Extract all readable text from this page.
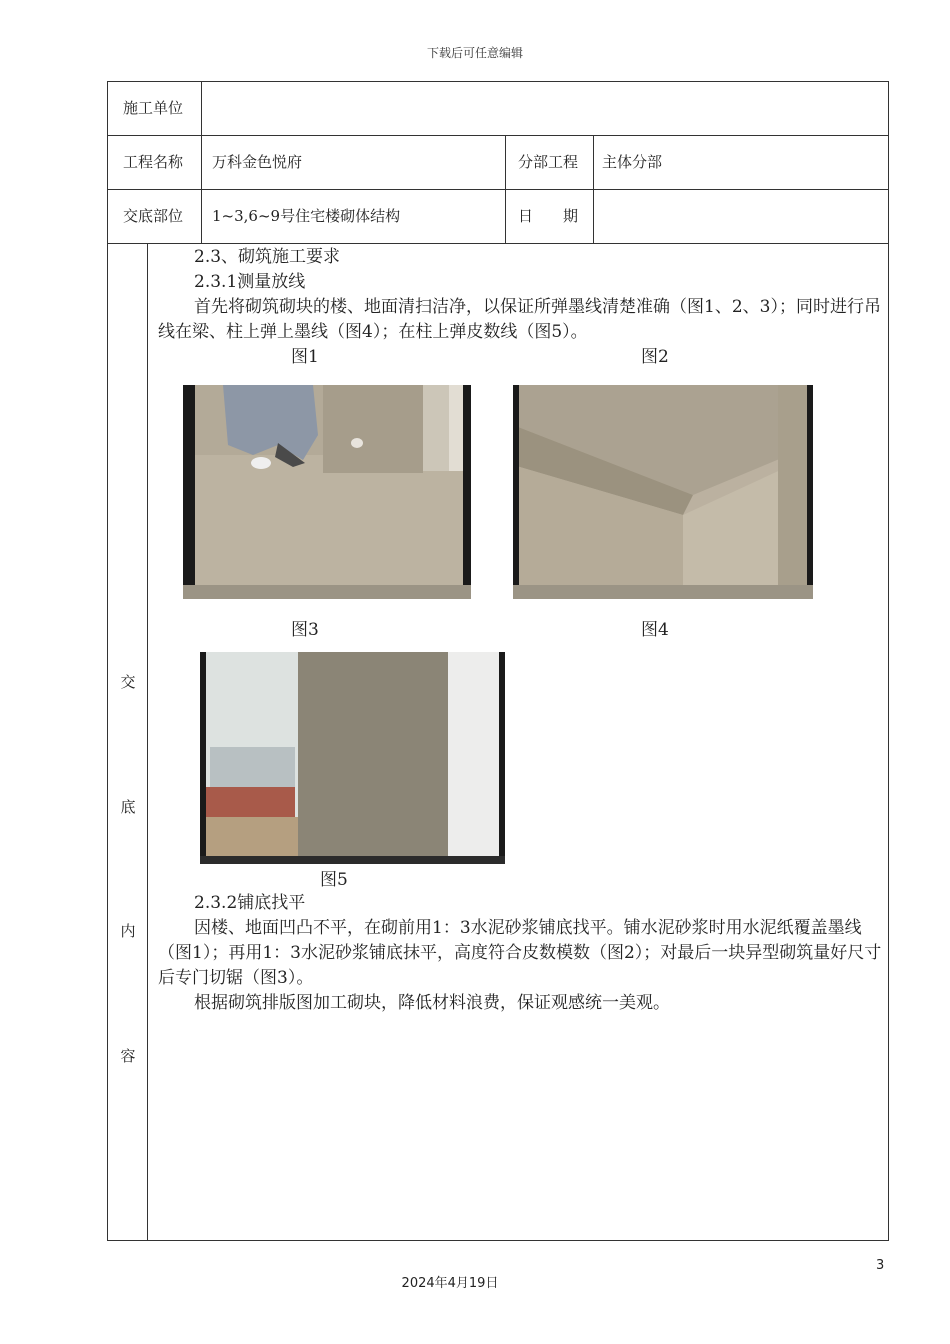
下载后可任意编辑
施工单位
工程名称 万科金色悦府	分部工程 主体分部
交底部位 1~3,6~9号住宅楼砌体结构	日　　期
交
底
内
容

2.3、砌筑施工要求

2.3.1测量放线

首先将砌筑砌块的楼、地面清扫洁净，以保证所弹墨线清楚准确（图1、2、3）；同时进行吊线在梁、柱上弹上墨线（图4）；在柱上弹皮数线（图5）。

图1	图2
图3	图4
图5

2.3.2铺底找平

因楼、地面凹凸不平，在砌前用1：3水泥砂浆铺底找平。铺水泥砂浆时用水泥纸覆盖墨线（图1）；再用1：3水泥砂浆铺底抹平，高度符合皮数模数（图2）；对最后一块异型砌筑量好尺寸后专门切锯（图3）。

根据砌筑排版图加工砌块，降低材料浪费，保证观感统一美观。

3
2024年4月19日
